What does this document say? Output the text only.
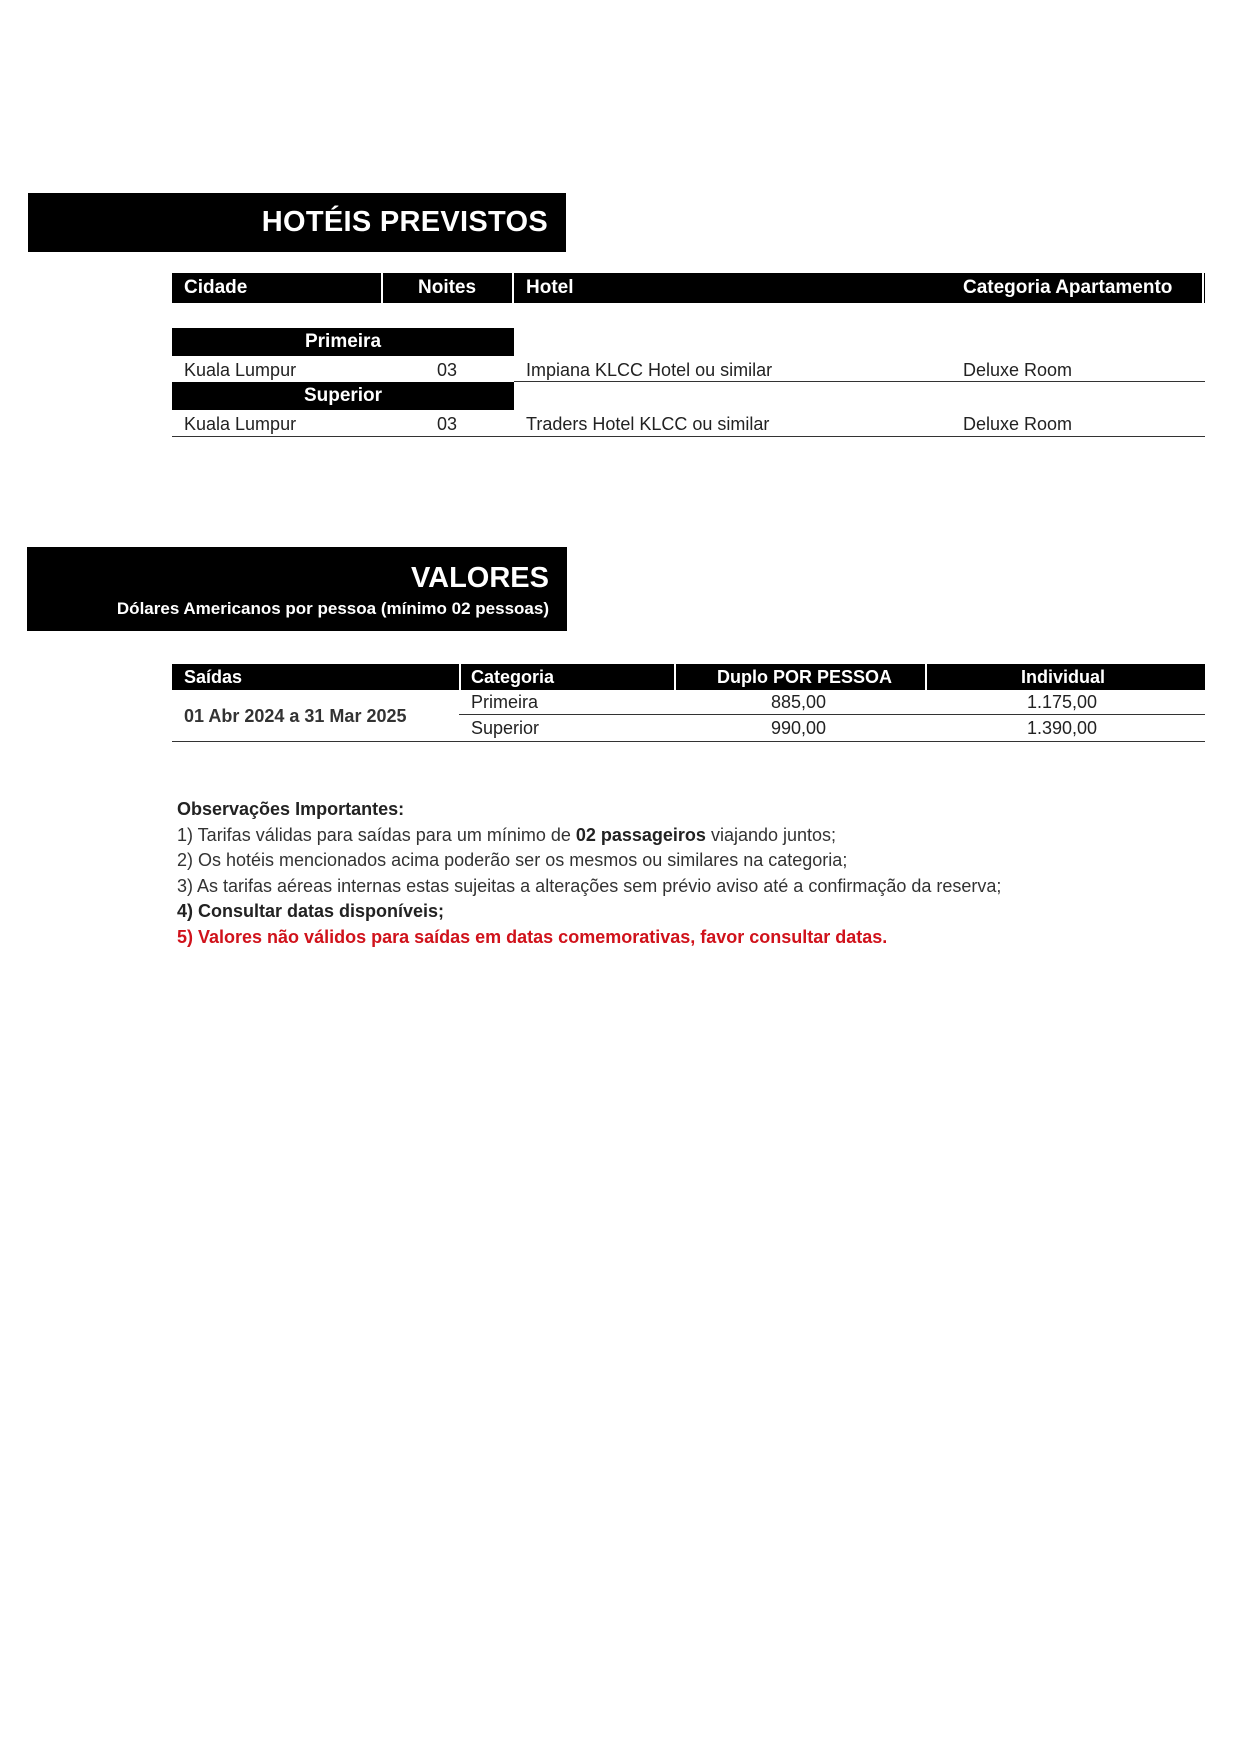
HOTÉIS PREVISTOS
Cidade	Noites	Hotel	Categoria Apartamento
Primeira
Kuala Lumpur	03	Impiana KLCC Hotel ou similar	Deluxe Room
Superior
Kuala Lumpur	03	Traders Hotel KLCC ou similar	Deluxe Room
VALORES
Dólares Americanos por pessoa (mínimo 02 pessoas)
Saídas	Categoria	Duplo POR PESSOA	Individual
01 Abr 2024 a 31 Mar 2025
Primeira	885,00	1.175,00
Superior	990,00	1.390,00
Observações Importantes:
1) Tarifas válidas para saídas para um mínimo de 02 passageiros viajando juntos;
2) Os hotéis mencionados acima poderão ser os mesmos ou similares na categoria;
3) As tarifas aéreas internas estas sujeitas a alterações sem prévio aviso até a confirmação da reserva;
4) Consultar datas disponíveis;
5) Valores não válidos para saídas em datas comemorativas, favor consultar datas.
